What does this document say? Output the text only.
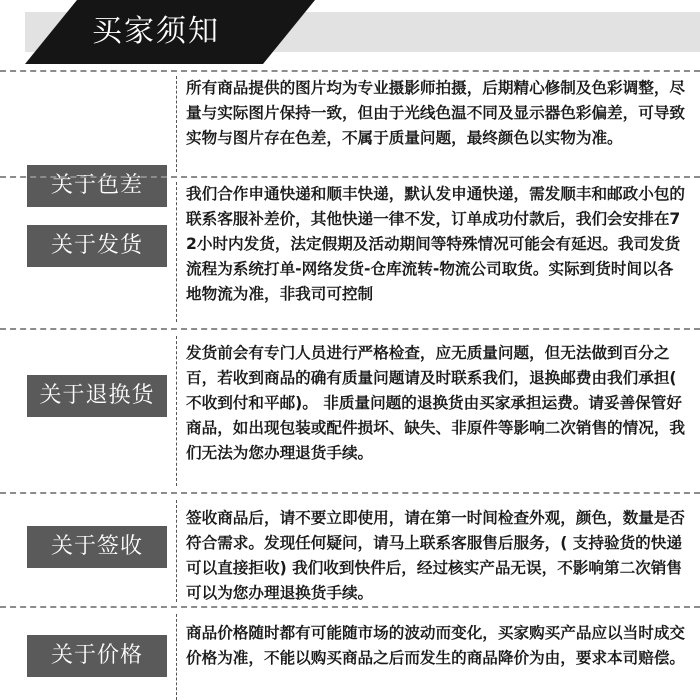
买家须知
关于色差
所有商品提供的图片均为专业摄影师拍摄，后期精心修制及色彩调整，尽量与实际图片保持一致，但由于光线色温不同及显示器色彩偏差，可导致实物与图片存在色差，不属于质量问题，最终颜色以实物为准。
关于发货
我们合作申通快递和顺丰快递，默认发申通快递，需发顺丰和邮政小包的联系客服补差价，其他快递一律不发，订单成功付款后，我们会安排在72小时内发货，法定假期及活动期间等特殊情况可能会有延迟。我司发货流程为系统打单-网络发货-仓库流转-物流公司取货。实际到货时间以各地物流为准，非我司可控制
关于退换货
发货前会有专门人员进行严格检查，应无质量问题，但无法做到百分之百，若收到商品的确有质量问题请及时联系我们，退换邮费由我们承担( 不收到付和平邮)。 非质量问题的退换货由买家承担运费。请妥善保管好商品，如出现包装或配件损坏、缺失、非原件等影响二次销售的情况，我们无法为您办理退货手续。
关于签收
签收商品后，请不要立即使用，请在第一时间检查外观，颜色，数量是否符合需求。发现任何疑问，请马上联系客服售后服务，( 支持验货的快递可以直接拒收) 我们收到快件后，经过核实产品无误，不影响第二次销售可以为您办理退换货手续。
关于价格
商品价格随时都有可能随市场的波动而变化，买家购买产品应以当时成交价格为准，不能以购买商品之后而发生的商品降价为由，要求本司赔偿。
